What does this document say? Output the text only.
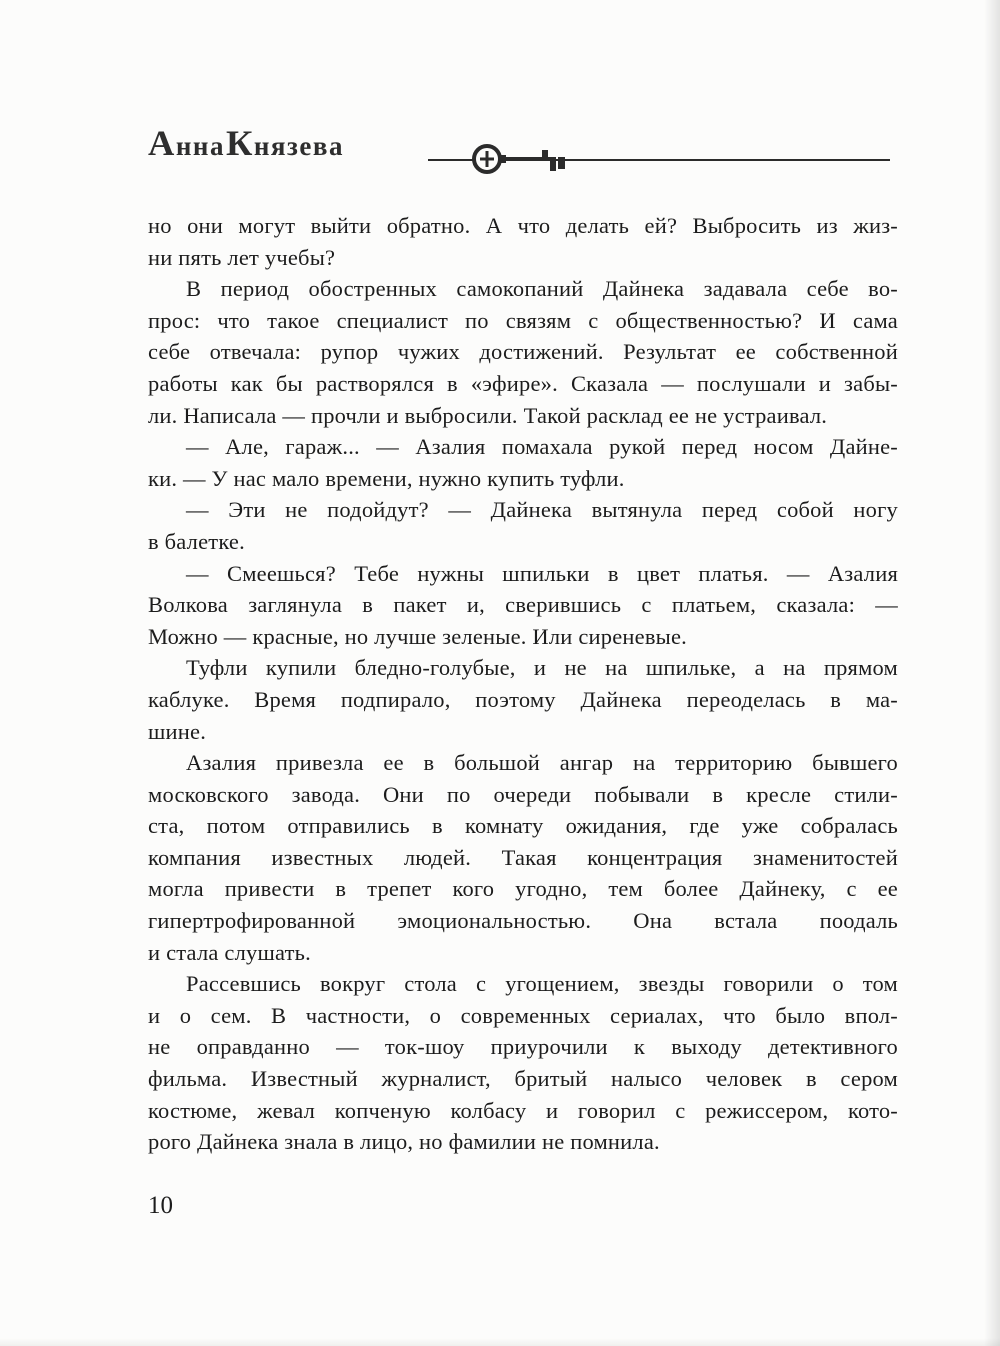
АннаКнязева
но они могут выйти обратно. А что делать ей? Выбросить из жиз-
ни пять лет учебы?
В период обостренных самокопаний Дайнека задавала себе во-
прос: что такое специалист по связям с общественностью? И сама
себе отвечала: рупор чужих достижений. Результат ее собственной
работы как бы растворялся в «эфире». Сказала — послушали и забы-
ли. Написала — прочли и выбросили. Такой расклад ее не устраивал.
— Але, гараж... — Азалия помахала рукой перед носом Дайне-
ки. — У нас мало времени, нужно купить туфли.
— Эти не подойдут? — Дайнека вытянула перед собой ногу
в балетке.
— Смеешься? Тебе нужны шпильки в цвет платья. — Азалия
Волкова заглянула в пакет и, сверившись с платьем, сказала: —
Можно — красные, но лучше зеленые. Или сиреневые.
Туфли купили бледно-голубые, и не на шпильке, а на прямом
каблуке. Время подпирало, поэтому Дайнека переоделась в ма-
шине.
Азалия привезла ее в большой ангар на территорию бывшего
московского завода. Они по очереди побывали в кресле стили-
ста, потом отправились в комнату ожидания, где уже собралась
компания известных людей. Такая концентрация знаменитостей
могла привести в трепет кого угодно, тем более Дайнеку, с ее
гипертрофированной эмоциональностью. Она встала поодаль
и стала слушать.
Рассевшись вокруг стола с угощением, звезды говорили о том
и о сем. В частности, о современных сериалах, что было впол-
не оправданно — ток-шоу приурочили к выходу детективного
фильма. Известный журналист, бритый налысо человек в сером
костюме, жевал копченую колбасу и говорил с режиссером, кото-
рого Дайнека знала в лицо, но фамилии не помнила.
10
